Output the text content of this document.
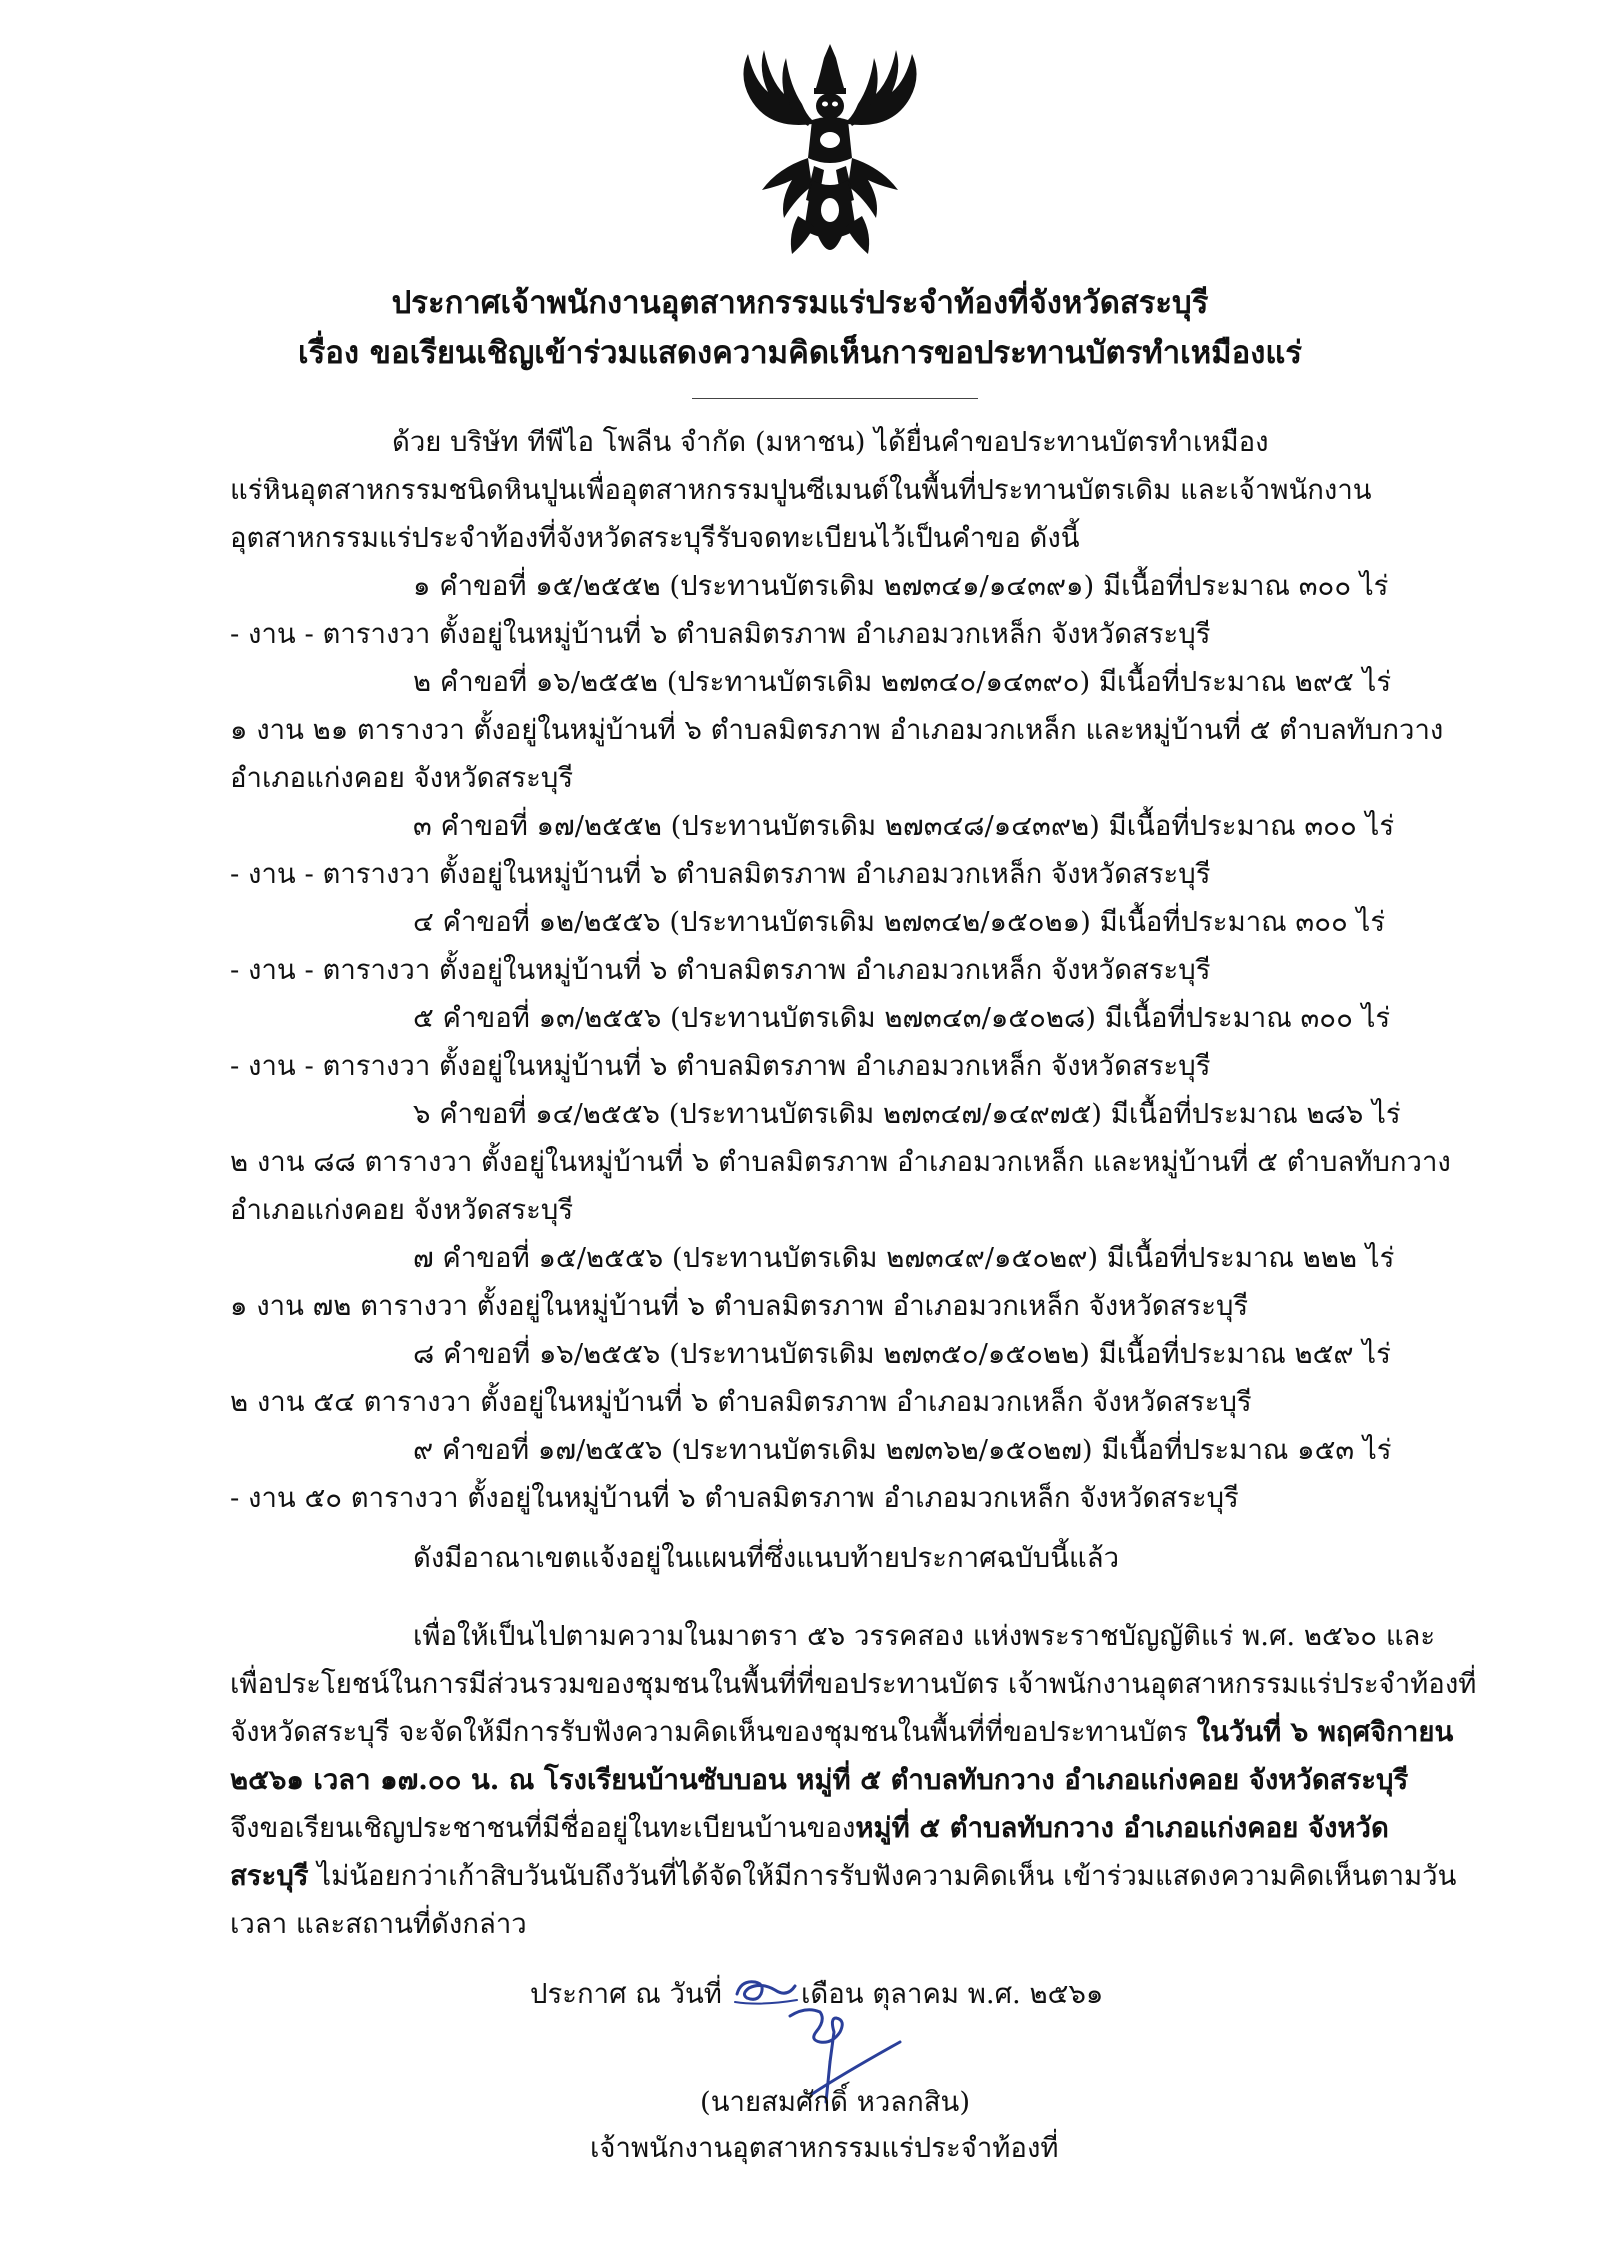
ประกาศเจ้าพนักงานอุตสาหกรรมแร่ประจำท้องที่จังหวัดสระบุรี
เรื่อง ขอเรียนเชิญเข้าร่วมแสดงความคิดเห็นการขอประทานบัตรทำเหมืองแร่
ด้วย บริษัท ทีพีไอ โพลีน จำกัด (มหาชน) ได้ยื่นคำขอประทานบัตรทำเหมือง
แร่หินอุตสาหกรรมชนิดหินปูนเพื่ออุตสาหกรรมปูนซีเมนต์ในพื้นที่ประทานบัตรเดิม และเจ้าพนักงาน
อุตสาหกรรมแร่ประจำท้องที่จังหวัดสระบุรีรับจดทะเบียนไว้เป็นคำขอ ดังนี้
๑ คำขอที่ ๑๕/๒๕๕๒ (ประทานบัตรเดิม ๒๗๓๔๑/๑๔๓๙๑) มีเนื้อที่ประมาณ ๓๐๐ ไร่
- งาน - ตารางวา ตั้งอยู่ในหมู่บ้านที่ ๖ ตำบลมิตรภาพ อำเภอมวกเหล็ก จังหวัดสระบุรี
๒ คำขอที่ ๑๖/๒๕๕๒ (ประทานบัตรเดิม ๒๗๓๔๐/๑๔๓๙๐) มีเนื้อที่ประมาณ ๒๙๕ ไร่
๑ งาน ๒๑ ตารางวา ตั้งอยู่ในหมู่บ้านที่ ๖ ตำบลมิตรภาพ อำเภอมวกเหล็ก และหมู่บ้านที่ ๕ ตำบลทับกวาง
อำเภอแก่งคอย จังหวัดสระบุรี
๓ คำขอที่ ๑๗/๒๕๕๒ (ประทานบัตรเดิม ๒๗๓๔๘/๑๔๓๙๒) มีเนื้อที่ประมาณ ๓๐๐ ไร่
- งาน - ตารางวา ตั้งอยู่ในหมู่บ้านที่ ๖ ตำบลมิตรภาพ อำเภอมวกเหล็ก จังหวัดสระบุรี
๔ คำขอที่ ๑๒/๒๕๕๖ (ประทานบัตรเดิม ๒๗๓๔๒/๑๕๐๒๑) มีเนื้อที่ประมาณ ๓๐๐ ไร่
- งาน - ตารางวา ตั้งอยู่ในหมู่บ้านที่ ๖ ตำบลมิตรภาพ อำเภอมวกเหล็ก จังหวัดสระบุรี
๕ คำขอที่ ๑๓/๒๕๕๖ (ประทานบัตรเดิม ๒๗๓๔๓/๑๕๐๒๘) มีเนื้อที่ประมาณ ๓๐๐ ไร่
- งาน - ตารางวา ตั้งอยู่ในหมู่บ้านที่ ๖ ตำบลมิตรภาพ อำเภอมวกเหล็ก จังหวัดสระบุรี
๖ คำขอที่ ๑๔/๒๕๕๖ (ประทานบัตรเดิม ๒๗๓๔๗/๑๔๙๗๕) มีเนื้อที่ประมาณ ๒๘๖ ไร่
๒ งาน ๘๘ ตารางวา ตั้งอยู่ในหมู่บ้านที่ ๖ ตำบลมิตรภาพ อำเภอมวกเหล็ก และหมู่บ้านที่ ๕ ตำบลทับกวาง
อำเภอแก่งคอย จังหวัดสระบุรี
๗ คำขอที่ ๑๕/๒๕๕๖ (ประทานบัตรเดิม ๒๗๓๔๙/๑๕๐๒๙) มีเนื้อที่ประมาณ ๒๒๒ ไร่
๑ งาน ๗๒ ตารางวา ตั้งอยู่ในหมู่บ้านที่ ๖ ตำบลมิตรภาพ อำเภอมวกเหล็ก จังหวัดสระบุรี
๘ คำขอที่ ๑๖/๒๕๕๖ (ประทานบัตรเดิม ๒๗๓๕๐/๑๕๐๒๒) มีเนื้อที่ประมาณ ๒๕๙ ไร่
๒ งาน ๕๔ ตารางวา ตั้งอยู่ในหมู่บ้านที่ ๖ ตำบลมิตรภาพ อำเภอมวกเหล็ก จังหวัดสระบุรี
๙ คำขอที่ ๑๗/๒๕๕๖ (ประทานบัตรเดิม ๒๗๓๖๒/๑๕๐๒๗) มีเนื้อที่ประมาณ ๑๕๓ ไร่
- งาน ๕๐ ตารางวา ตั้งอยู่ในหมู่บ้านที่ ๖ ตำบลมิตรภาพ อำเภอมวกเหล็ก จังหวัดสระบุรี
ดังมีอาณาเขตแจ้งอยู่ในแผนที่ซึ่งแนบท้ายประกาศฉบับนี้แล้ว
เพื่อให้เป็นไปตามความในมาตรา ๕๖ วรรคสอง แห่งพระราชบัญญัติแร่ พ.ศ. ๒๕๖๐ และ
เพื่อประโยชน์ในการมีส่วนรวมของชุมชนในพื้นที่ที่ขอประทานบัตร เจ้าพนักงานอุตสาหกรรมแร่ประจำท้องที่
จังหวัดสระบุรี จะจัดให้มีการรับฟังความคิดเห็นของชุมชนในพื้นที่ที่ขอประทานบัตร ในวันที่ ๖ พฤศจิกายน
๒๕๖๑ เวลา ๑๗.๐๐ น. ณ โรงเรียนบ้านซับบอน หมู่ที่ ๕ ตำบลทับกวาง อำเภอแก่งคอย จังหวัดสระบุรี
จึงขอเรียนเชิญประชาชนที่มีชื่ออยู่ในทะเบียนบ้านของหมู่ที่ ๕ ตำบลทับกวาง อำเภอแก่งคอย จังหวัด
สระบุรี ไม่น้อยกว่าเก้าสิบวันนับถึงวันที่ได้จัดให้มีการรับฟังความคิดเห็น เข้าร่วมแสดงความคิดเห็นตามวัน
เวลา และสถานที่ดังกล่าว
ประกาศ ณ วันที่	เดือน ตุลาคม พ.ศ. ๒๕๖๑
(นายสมศักดิ์ หวลกสิน)
เจ้าพนักงานอุตสาหกรรมแร่ประจำท้องที่
